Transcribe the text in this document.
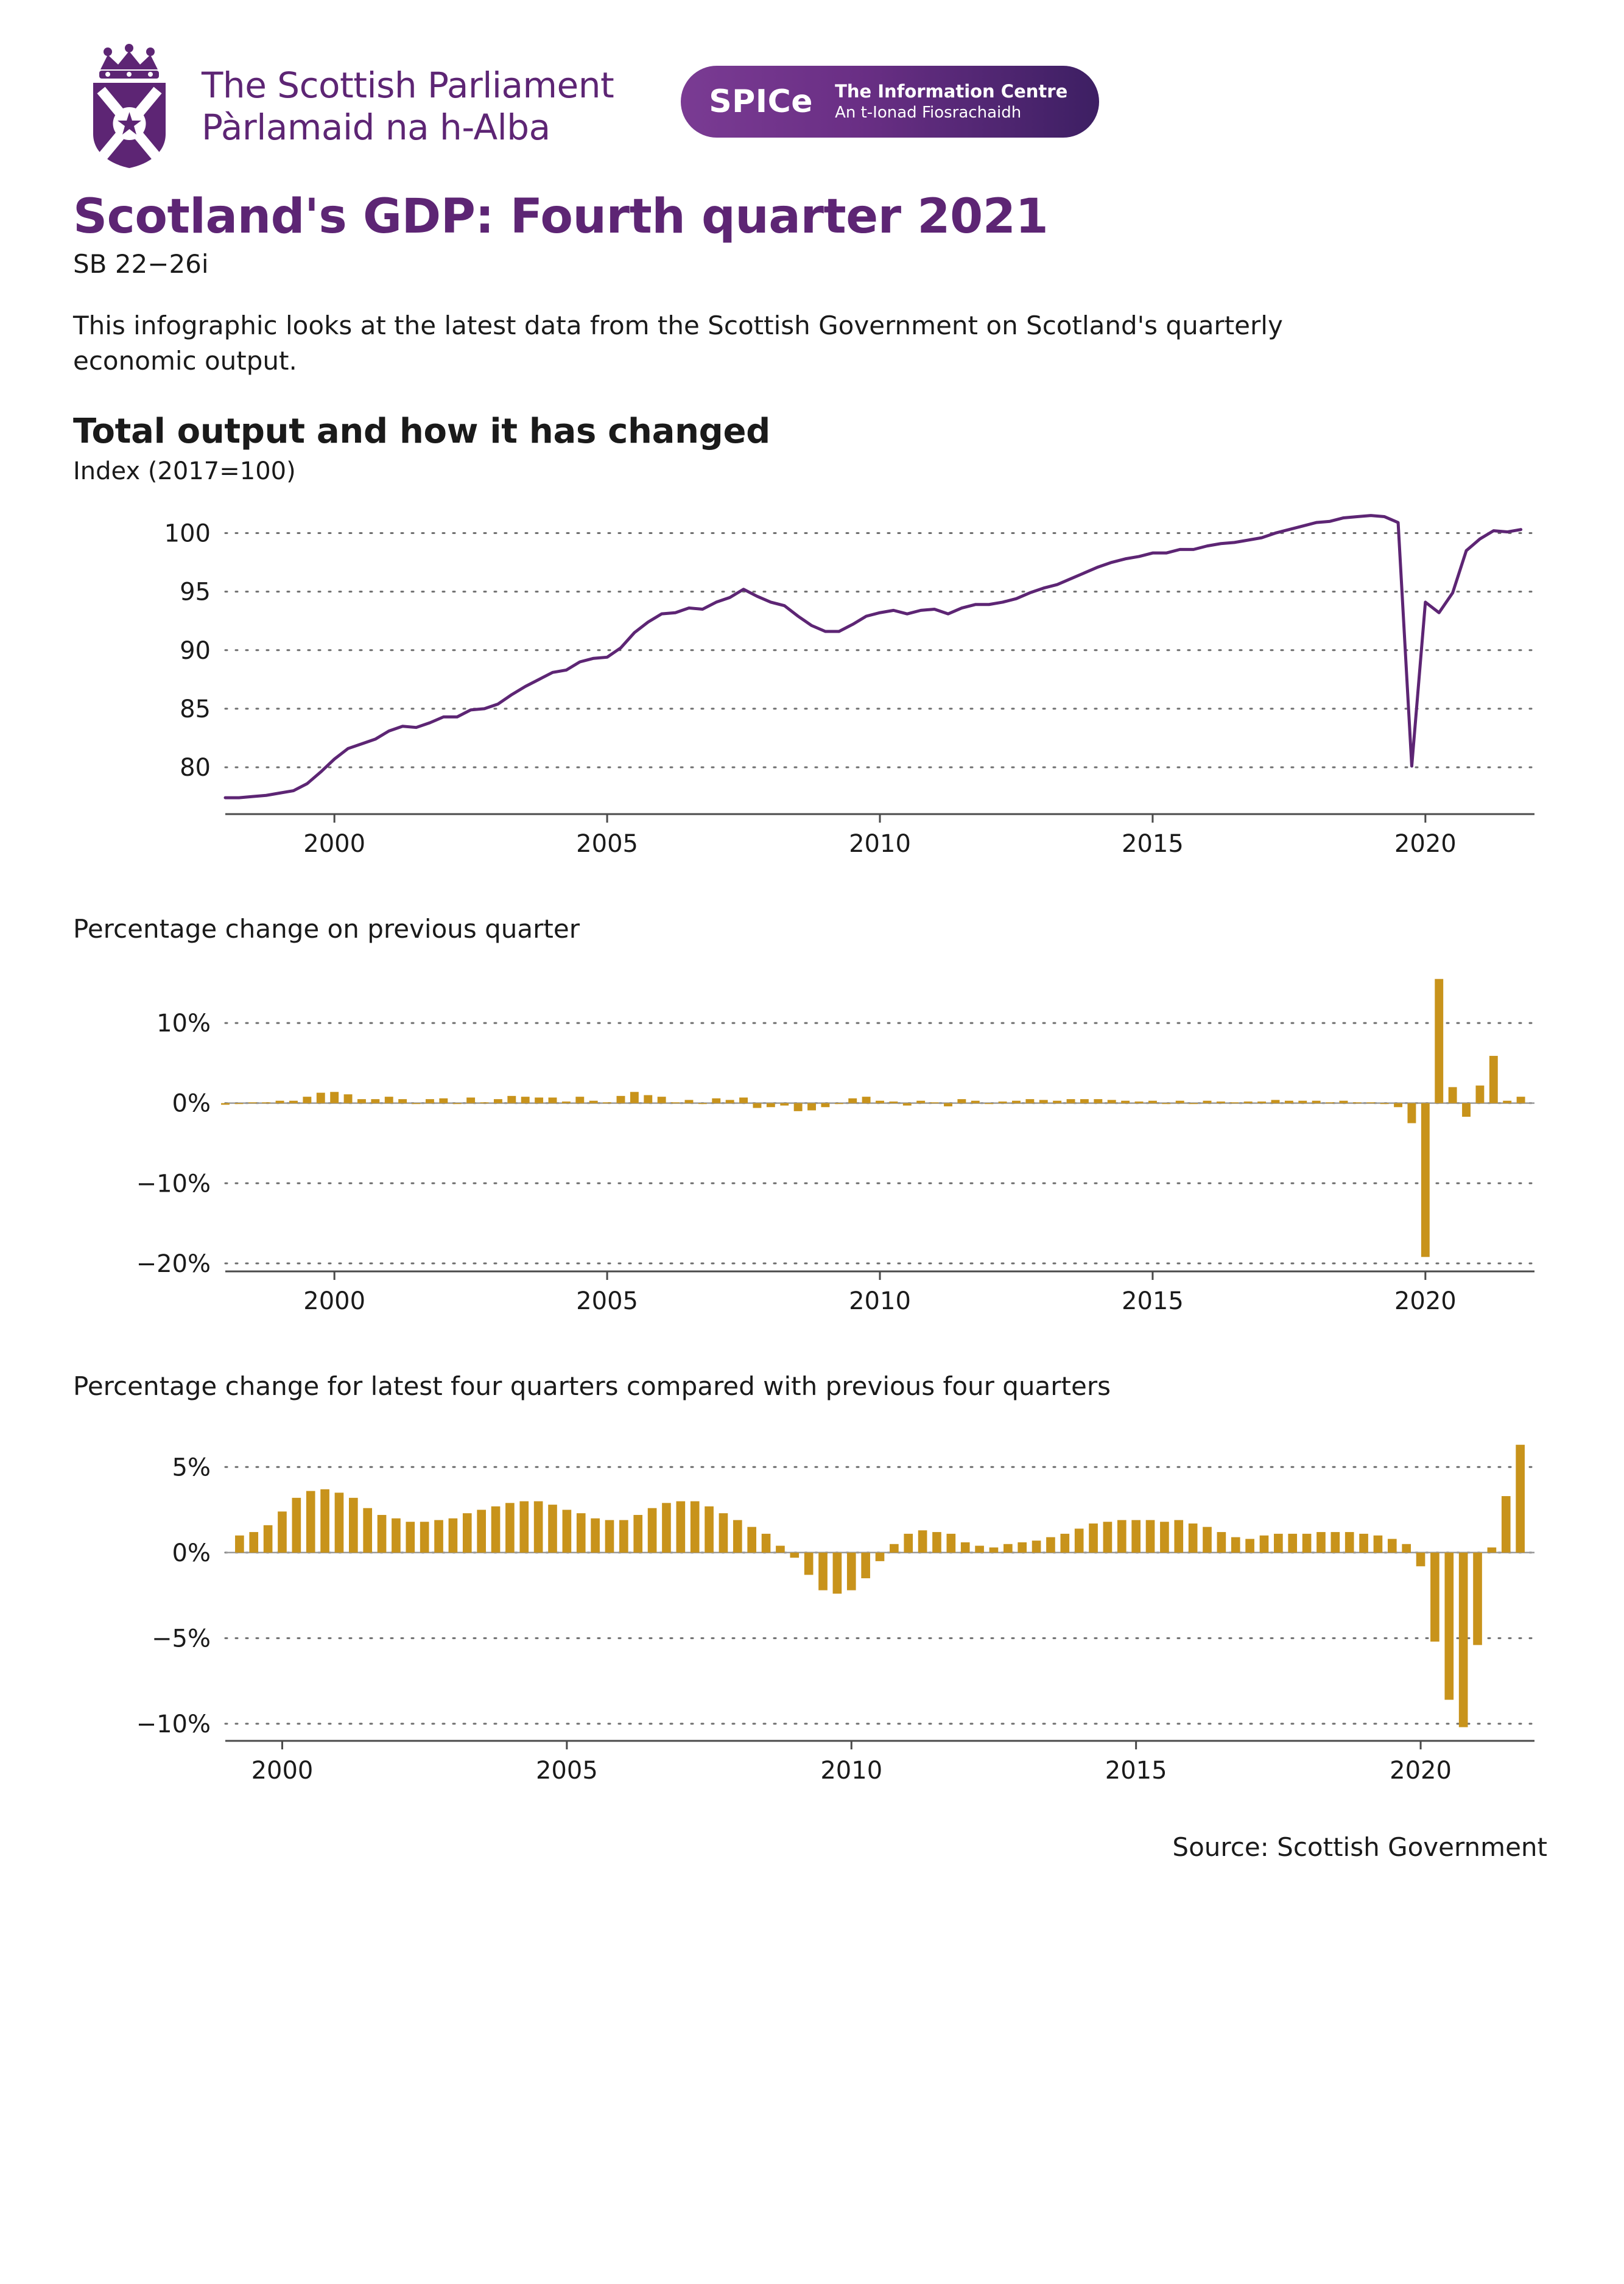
The Scottish Parliament
Pàrlamaid na h-Alba
SPICe The Information Centre
An t-Ionad Fiosrachaidh
Scotland's GDP: Fourth quarter 2021
SB 22−26i
This infographic looks at the latest data from the Scottish Government on Scotland's quarterly economic output.
Total output and how it has changed
Index (2017=100)
80
85
90
95
100
2000	2005	2010	2015	2020
Percentage change on previous quarter
−20%
−10%
0%
10%
2000	2005	2010	2015	2020
Percentage change for latest four quarters compared with previous four quarters
−10%
−5%
0%
5%
2000	2005	2010	2015	2020
Source: Scottish Government
